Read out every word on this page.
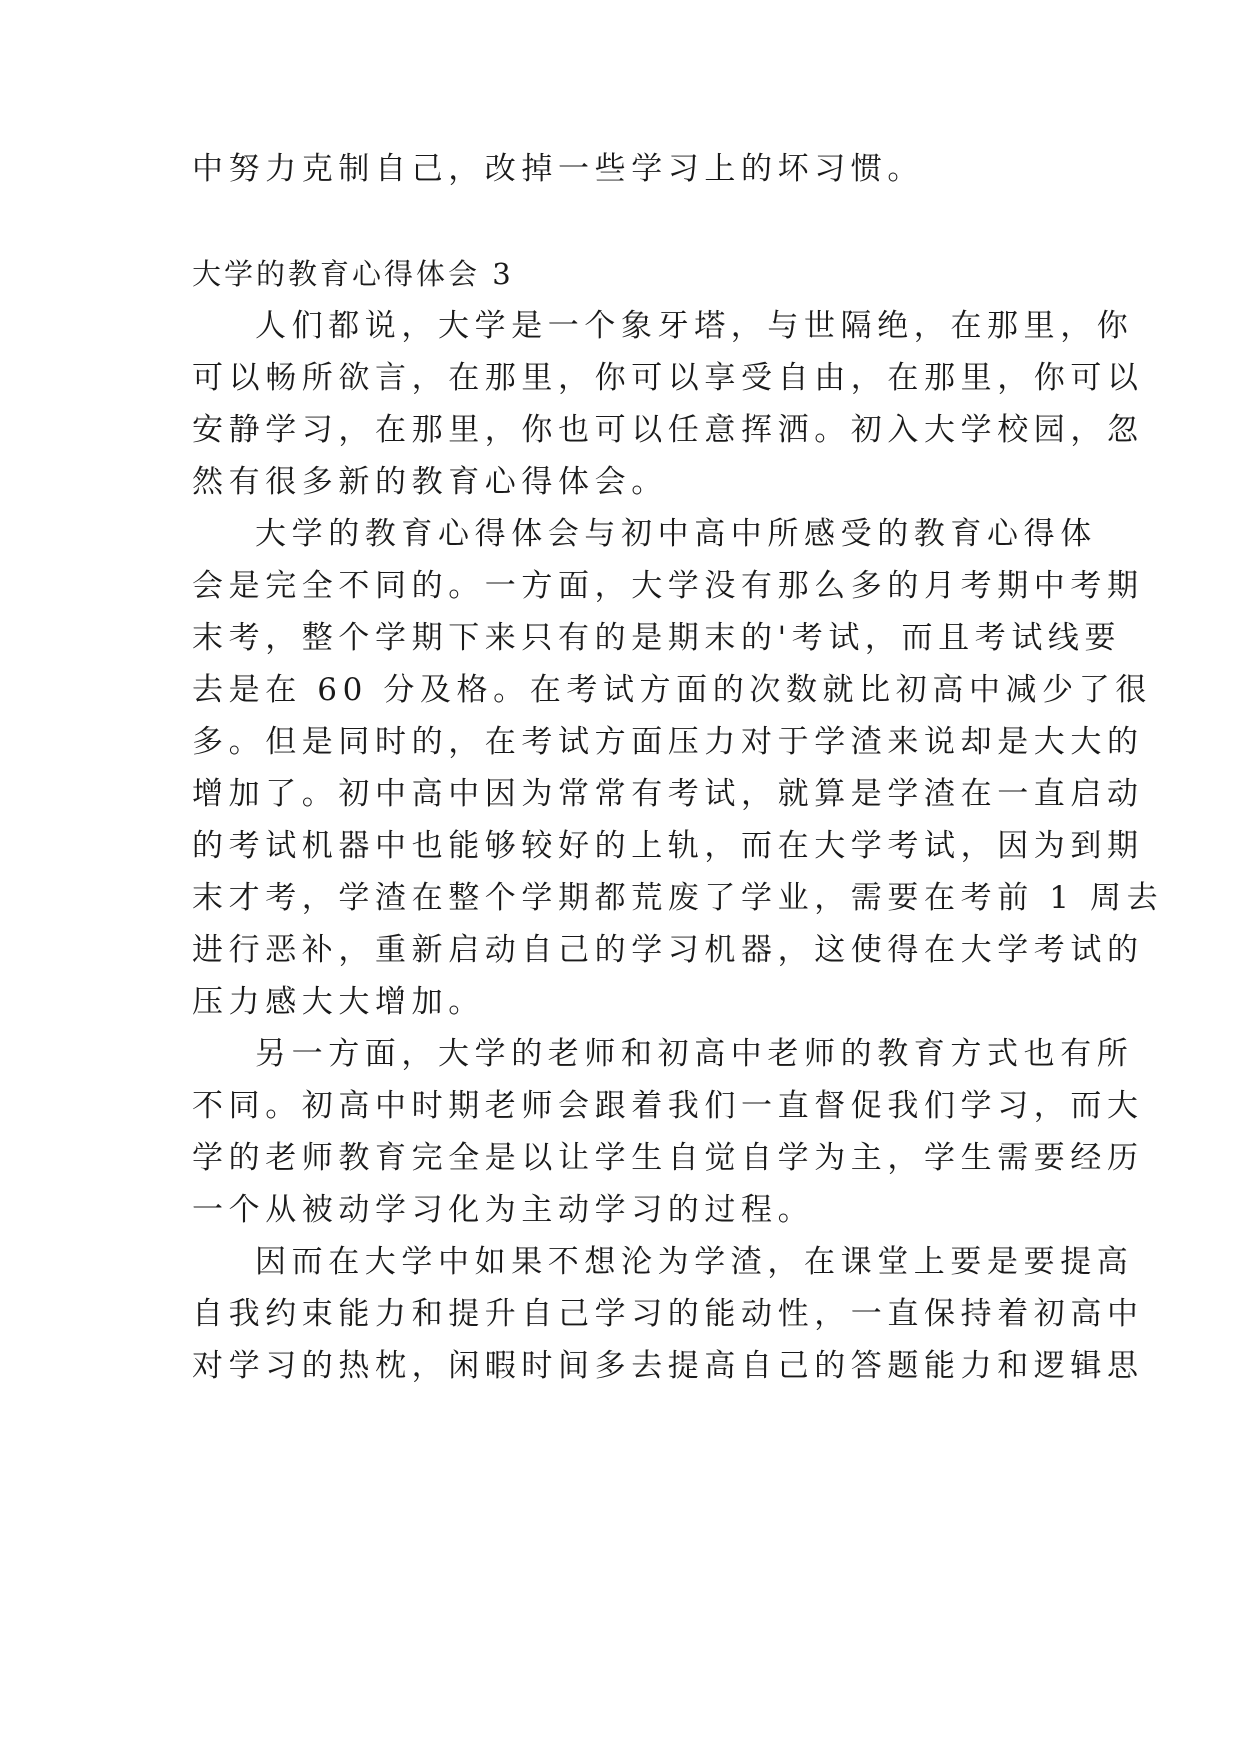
中努力克制自己，改掉一些学习上的坏习惯。

大学的教育心得体会 3

人们都说，大学是一个象牙塔，与世隔绝，在那里，你

可以畅所欲言，在那里，你可以享受自由，在那里，你可以

安静学习，在那里，你也可以任意挥洒。初入大学校园，忽

然有很多新的教育心得体会。

大学的教育心得体会与初中高中所感受的教育心得体

会是完全不同的。一方面，大学没有那么多的月考期中考期

末考，整个学期下来只有的是期末的'考试，而且考试线要

去是在 60 分及格。在考试方面的次数就比初高中减少了很

多。但是同时的，在考试方面压力对于学渣来说却是大大的

增加了。初中高中因为常常有考试，就算是学渣在一直启动

的考试机器中也能够较好的上轨，而在大学考试，因为到期

末才考，学渣在整个学期都荒废了学业，需要在考前 1 周去

进行恶补，重新启动自己的学习机器，这使得在大学考试的

压力感大大增加。

另一方面，大学的老师和初高中老师的教育方式也有所

不同。初高中时期老师会跟着我们一直督促我们学习，而大

学的老师教育完全是以让学生自觉自学为主，学生需要经历

一个从被动学习化为主动学习的过程。

因而在大学中如果不想沦为学渣，在课堂上要是要提高

自我约束能力和提升自己学习的能动性，一直保持着初高中

对学习的热枕，闲暇时间多去提高自己的答题能力和逻辑思
